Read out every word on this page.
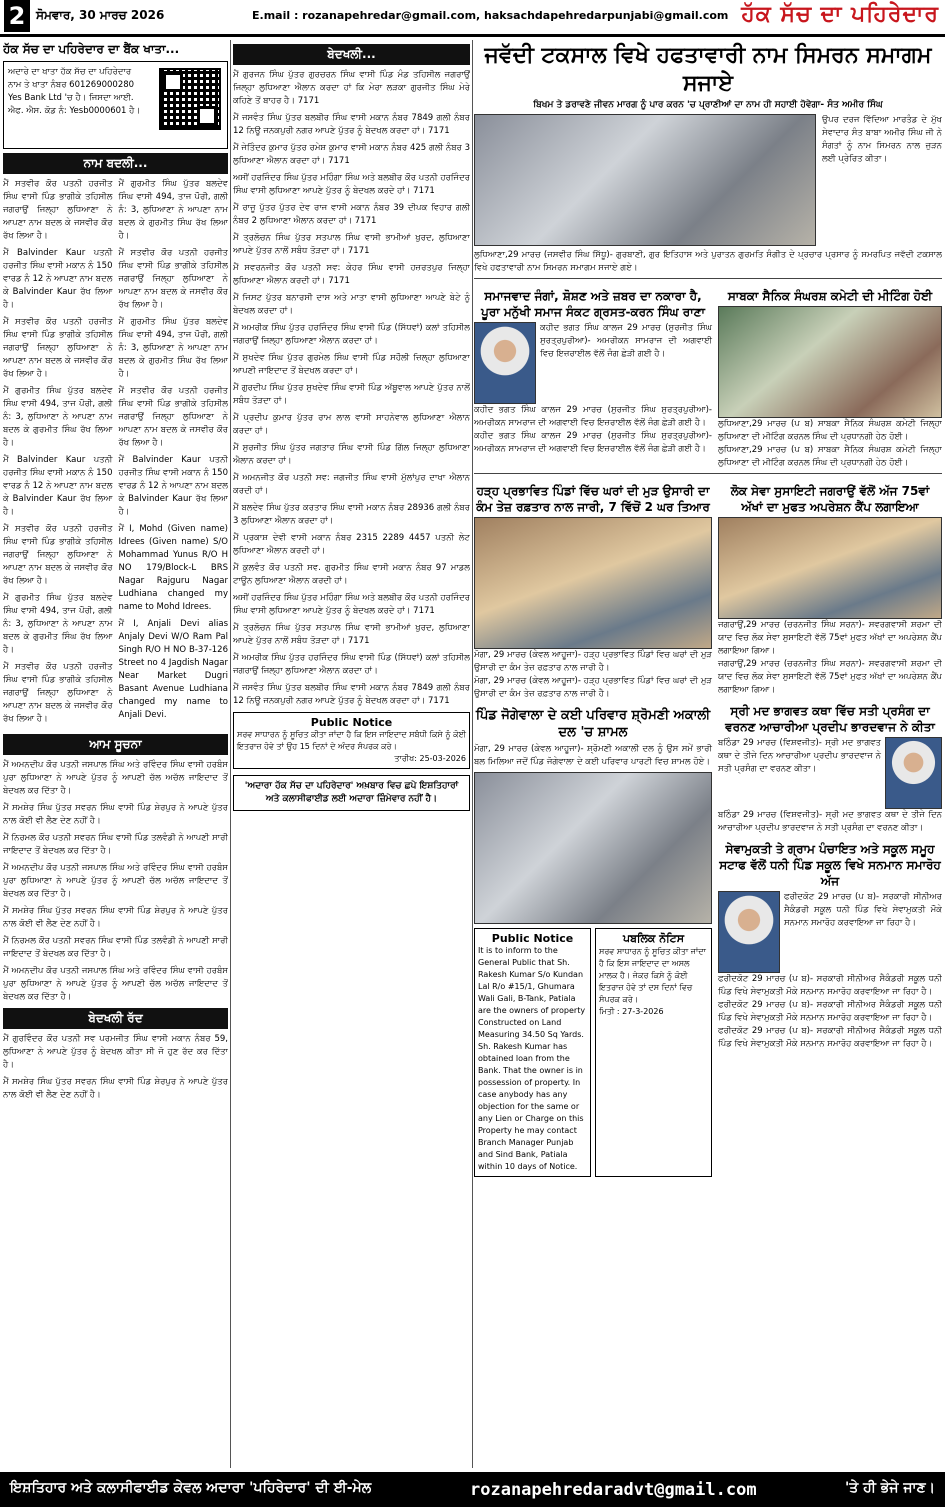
2 ਸੋਮਵਾਰ, 30 ਮਾਰਚ 2026	E.mail : rozanapehredar@gmail.com, haksachdapehredarpunjabi@gmail.com ਹੱਕ ਸੱਚ ਦਾ ਪਹਿਰੇਦਾਰ
ਹੱਕ ਸੱਚ ਦਾ ਪਹਿਰੇਦਾਰ ਦਾ ਬੈਂਕ ਖਾਤਾ...

ਅਦਾਰੇ ਦਾ ਖਾਤਾ ਹੱਕ ਸੱਚ ਦਾ ਪਹਿਰੇਦਾਰ

ਨਾਮ ਤੇ ਖਾਤਾ ਨੰਬਰ 601269000280

Yes Bank Ltd 'ਚ ਹੈ। ਜਿਸਦਾ ਆਈ.

ਐਫ. ਐਸ. ਕੋਡ ਨੰ: Yesb0000601 ਹੈ।

ਨਾਮ ਬਦਲੀ...

ਮੈਂ ਸਤਵੀਰ ਕੌਰ ਪਤਨੀ ਹਰਜੀਤ ਸਿੰਘ ਵਾਸੀ ਪਿੰਡ ਭਾਗੀਕੇ ਤਹਿਸੀਲ ਜਗਰਾਉਂ ਜਿਲ੍ਹਾ ਲੁਧਿਆਣਾ ਨੇ ਆਪਣਾ ਨਾਮ ਬਦਲ ਕੇ ਜਸਵੀਰ ਕੌਰ ਰੱਖ ਲਿਆ ਹੈ।

ਮੈਂ Balvinder Kaur ਪਤਨੀ ਹਰਜੀਤ ਸਿੰਘ ਵਾਸੀ ਮਕਾਨ ਨੰ 150 ਵਾਰਡ ਨੰ 12 ਨੇ ਆਪਣਾ ਨਾਮ ਬਦਲ ਕੇ Balvinder Kaur ਰੱਖ ਲਿਆ ਹੈ।

ਮੈਂ ਸਤਵੀਰ ਕੌਰ ਪਤਨੀ ਹਰਜੀਤ ਸਿੰਘ ਵਾਸੀ ਪਿੰਡ ਭਾਗੀਕੇ ਤਹਿਸੀਲ ਜਗਰਾਉਂ ਜਿਲ੍ਹਾ ਲੁਧਿਆਣਾ ਨੇ ਆਪਣਾ ਨਾਮ ਬਦਲ ਕੇ ਜਸਵੀਰ ਕੌਰ ਰੱਖ ਲਿਆ ਹੈ।

ਮੈਂ ਗੁਰਮੀਤ ਸਿੰਘ ਪੁੱਤਰ ਬਲਦੇਵ ਸਿੰਘ ਵਾਸੀ 494, ਤਾਜ ਪੌਰੀ, ਗਲੀ ਨੰ: 3, ਲੁਧਿਆਣਾ ਨੇ ਆਪਣਾ ਨਾਮ ਬਦਲ ਕੇ ਗੁਰਮੀਤ ਸਿੰਘ ਰੱਖ ਲਿਆ ਹੈ।

ਮੈਂ Balvinder Kaur ਪਤਨੀ ਹਰਜੀਤ ਸਿੰਘ ਵਾਸੀ ਮਕਾਨ ਨੰ 150 ਵਾਰਡ ਨੰ 12 ਨੇ ਆਪਣਾ ਨਾਮ ਬਦਲ ਕੇ Balvinder Kaur ਰੱਖ ਲਿਆ ਹੈ।

ਮੈਂ ਸਤਵੀਰ ਕੌਰ ਪਤਨੀ ਹਰਜੀਤ ਸਿੰਘ ਵਾਸੀ ਪਿੰਡ ਭਾਗੀਕੇ ਤਹਿਸੀਲ ਜਗਰਾਉਂ ਜਿਲ੍ਹਾ ਲੁਧਿਆਣਾ ਨੇ ਆਪਣਾ ਨਾਮ ਬਦਲ ਕੇ ਜਸਵੀਰ ਕੌਰ ਰੱਖ ਲਿਆ ਹੈ।

ਮੈਂ ਗੁਰਮੀਤ ਸਿੰਘ ਪੁੱਤਰ ਬਲਦੇਵ ਸਿੰਘ ਵਾਸੀ 494, ਤਾਜ ਪੌਰੀ, ਗਲੀ ਨੰ: 3, ਲੁਧਿਆਣਾ ਨੇ ਆਪਣਾ ਨਾਮ ਬਦਲ ਕੇ ਗੁਰਮੀਤ ਸਿੰਘ ਰੱਖ ਲਿਆ ਹੈ।

ਮੈਂ ਸਤਵੀਰ ਕੌਰ ਪਤਨੀ ਹਰਜੀਤ ਸਿੰਘ ਵਾਸੀ ਪਿੰਡ ਭਾਗੀਕੇ ਤਹਿਸੀਲ ਜਗਰਾਉਂ ਜਿਲ੍ਹਾ ਲੁਧਿਆਣਾ ਨੇ ਆਪਣਾ ਨਾਮ ਬਦਲ ਕੇ ਜਸਵੀਰ ਕੌਰ ਰੱਖ ਲਿਆ ਹੈ।

ਮੈਂ ਗੁਰਮੀਤ ਸਿੰਘ ਪੁੱਤਰ ਬਲਦੇਵ ਸਿੰਘ ਵਾਸੀ 494, ਤਾਜ ਪੌਰੀ, ਗਲੀ ਨੰ: 3, ਲੁਧਿਆਣਾ ਨੇ ਆਪਣਾ ਨਾਮ ਬਦਲ ਕੇ ਗੁਰਮੀਤ ਸਿੰਘ ਰੱਖ ਲਿਆ ਹੈ।

ਮੈਂ ਸਤਵੀਰ ਕੌਰ ਪਤਨੀ ਹਰਜੀਤ ਸਿੰਘ ਵਾਸੀ ਪਿੰਡ ਭਾਗੀਕੇ ਤਹਿਸੀਲ ਜਗਰਾਉਂ ਜਿਲ੍ਹਾ ਲੁਧਿਆਣਾ ਨੇ ਆਪਣਾ ਨਾਮ ਬਦਲ ਕੇ ਜਸਵੀਰ ਕੌਰ ਰੱਖ ਲਿਆ ਹੈ।

ਮੈਂ ਗੁਰਮੀਤ ਸਿੰਘ ਪੁੱਤਰ ਬਲਦੇਵ ਸਿੰਘ ਵਾਸੀ 494, ਤਾਜ ਪੌਰੀ, ਗਲੀ ਨੰ: 3, ਲੁਧਿਆਣਾ ਨੇ ਆਪਣਾ ਨਾਮ ਬਦਲ ਕੇ ਗੁਰਮੀਤ ਸਿੰਘ ਰੱਖ ਲਿਆ ਹੈ।

ਮੈਂ ਸਤਵੀਰ ਕੌਰ ਪਤਨੀ ਹਰਜੀਤ ਸਿੰਘ ਵਾਸੀ ਪਿੰਡ ਭਾਗੀਕੇ ਤਹਿਸੀਲ ਜਗਰਾਉਂ ਜਿਲ੍ਹਾ ਲੁਧਿਆਣਾ ਨੇ ਆਪਣਾ ਨਾਮ ਬਦਲ ਕੇ ਜਸਵੀਰ ਕੌਰ ਰੱਖ ਲਿਆ ਹੈ।

ਮੈਂ Balvinder Kaur ਪਤਨੀ ਹਰਜੀਤ ਸਿੰਘ ਵਾਸੀ ਮਕਾਨ ਨੰ 150 ਵਾਰਡ ਨੰ 12 ਨੇ ਆਪਣਾ ਨਾਮ ਬਦਲ ਕੇ Balvinder Kaur ਰੱਖ ਲਿਆ ਹੈ।

ਮੈਂ I, Mohd (Given name) Idrees (Given name) S/O Mohammad Yunus R/O H NO 179/Block-L BRS Nagar Rajguru Nagar Ludhiana changed my name to Mohd Idrees.

ਮੈਂ I, Anjali Devi alias Anjaly Devi W/O Ram Pal Singh R/O H NO B-37-126 Street no 4 Jagdish Nagar Near Market Dugri Basant Avenue Ludhiana changed my name to Anjali Devi.

ਆਮ ਸੂਚਨਾ

ਮੈਂ ਅਮਨਦੀਪ ਕੌਰ ਪਤਨੀ ਜਸਪਾਲ ਸਿੰਘ ਅਤੇ ਰਵਿੰਦਰ ਸਿੰਘ ਵਾਸੀ ਹਰਬੰਸ ਪੁਰਾ ਲੁਧਿਆਣਾ ਨੇ ਆਪਣੇ ਪੁੱਤਰ ਨੂੰ ਆਪਣੀ ਚੱਲ ਅਚੱਲ ਜਾਇਦਾਦ ਤੋਂ ਬੇਦਖਲ ਕਰ ਦਿੱਤਾ ਹੈ।

ਮੈਂ ਸਮਸ਼ੇਰ ਸਿੰਘ ਪੁੱਤਰ ਸਵਰਨ ਸਿੰਘ ਵਾਸੀ ਪਿੰਡ ਸ਼ੇਰਪੁਰ ਨੇ ਆਪਣੇ ਪੁੱਤਰ ਨਾਲ ਕੋਈ ਵੀ ਲੈਣ ਦੇਣ ਨਹੀਂ ਹੈ।

ਮੈਂ ਨਿਰਮਲ ਕੌਰ ਪਤਨੀ ਸਵਰਨ ਸਿੰਘ ਵਾਸੀ ਪਿੰਡ ਤਲਵੰਡੀ ਨੇ ਆਪਣੀ ਸਾਰੀ ਜਾਇਦਾਦ ਤੋਂ ਬੇਦਖਲ ਕਰ ਦਿੱਤਾ ਹੈ।

ਮੈਂ ਅਮਨਦੀਪ ਕੌਰ ਪਤਨੀ ਜਸਪਾਲ ਸਿੰਘ ਅਤੇ ਰਵਿੰਦਰ ਸਿੰਘ ਵਾਸੀ ਹਰਬੰਸ ਪੁਰਾ ਲੁਧਿਆਣਾ ਨੇ ਆਪਣੇ ਪੁੱਤਰ ਨੂੰ ਆਪਣੀ ਚੱਲ ਅਚੱਲ ਜਾਇਦਾਦ ਤੋਂ ਬੇਦਖਲ ਕਰ ਦਿੱਤਾ ਹੈ।

ਮੈਂ ਸਮਸ਼ੇਰ ਸਿੰਘ ਪੁੱਤਰ ਸਵਰਨ ਸਿੰਘ ਵਾਸੀ ਪਿੰਡ ਸ਼ੇਰਪੁਰ ਨੇ ਆਪਣੇ ਪੁੱਤਰ ਨਾਲ ਕੋਈ ਵੀ ਲੈਣ ਦੇਣ ਨਹੀਂ ਹੈ।

ਮੈਂ ਨਿਰਮਲ ਕੌਰ ਪਤਨੀ ਸਵਰਨ ਸਿੰਘ ਵਾਸੀ ਪਿੰਡ ਤਲਵੰਡੀ ਨੇ ਆਪਣੀ ਸਾਰੀ ਜਾਇਦਾਦ ਤੋਂ ਬੇਦਖਲ ਕਰ ਦਿੱਤਾ ਹੈ।

ਮੈਂ ਅਮਨਦੀਪ ਕੌਰ ਪਤਨੀ ਜਸਪਾਲ ਸਿੰਘ ਅਤੇ ਰਵਿੰਦਰ ਸਿੰਘ ਵਾਸੀ ਹਰਬੰਸ ਪੁਰਾ ਲੁਧਿਆਣਾ ਨੇ ਆਪਣੇ ਪੁੱਤਰ ਨੂੰ ਆਪਣੀ ਚੱਲ ਅਚੱਲ ਜਾਇਦਾਦ ਤੋਂ ਬੇਦਖਲ ਕਰ ਦਿੱਤਾ ਹੈ।

ਬੇਦਖਲੀ ਰੱਦ

ਮੈਂ ਗੁਰਵਿੰਦਰ ਕੌਰ ਪਤਨੀ ਸਵ ਪਰਮਜੀਤ ਸਿੰਘ ਵਾਸੀ ਮਕਾਨ ਨੰਬਰ 59, ਲੁਧਿਆਣਾ ਨੇ ਆਪਣੇ ਪੁੱਤਰ ਨੂੰ ਬੇਦਖਲ ਕੀਤਾ ਸੀ ਜੋ ਹੁਣ ਰੱਦ ਕਰ ਦਿੱਤਾ ਹੈ।

ਮੈਂ ਸਮਸ਼ੇਰ ਸਿੰਘ ਪੁੱਤਰ ਸਵਰਨ ਸਿੰਘ ਵਾਸੀ ਪਿੰਡ ਸ਼ੇਰਪੁਰ ਨੇ ਆਪਣੇ ਪੁੱਤਰ ਨਾਲ ਕੋਈ ਵੀ ਲੈਣ ਦੇਣ ਨਹੀਂ ਹੈ।

ਬੇਦਖਲੀ...

ਮੈਂ ਗੁਰਜਨ ਸਿੰਘ ਪੁੱਤਰ ਗੁਰਚਰਨ ਸਿੰਘ ਵਾਸੀ ਪਿੰਡ ਮੰਡ ਤਹਿਸੀਲ ਜਗਰਾਉਂ ਜਿਲ੍ਹਾ ਲੁਧਿਆਣਾ ਐਲਾਨ ਕਰਦਾ ਹਾਂ ਕਿ ਮੇਰਾ ਲੜਕਾ ਗੁਰਜੀਤ ਸਿੰਘ ਮੇਰੇ ਕਹਿਣੇ ਤੋਂ ਬਾਹਰ ਹੈ। 7171

ਮੈਂ ਜਸਵੰਤ ਸਿੰਘ ਪੁੱਤਰ ਬਲਬੀਰ ਸਿੰਘ ਵਾਸੀ ਮਕਾਨ ਨੰਬਰ 7849 ਗਲੀ ਨੰਬਰ 12 ਨਿਊ ਜਨਕਪੁਰੀ ਨਗਰ ਆਪਣੇ ਪੁੱਤਰ ਨੂੰ ਬੇਦਖਲ ਕਰਦਾ ਹਾਂ। 7171

ਮੈਂ ਜੇਤਿੰਦਰ ਕੁਮਾਰ ਪੁੱਤਰ ਰਮੇਸ਼ ਕੁਮਾਰ ਵਾਸੀ ਮਕਾਨ ਨੰਬਰ 425 ਗਲੀ ਨੰਬਰ 3 ਲੁਧਿਆਣਾ ਐਲਾਨ ਕਰਦਾ ਹਾਂ। 7171

ਅਸੀਂ ਹਰਜਿੰਦਰ ਸਿੰਘ ਪੁੱਤਰ ਮਹਿੰਗਾ ਸਿੰਘ ਅਤੇ ਬਲਬੀਰ ਕੌਰ ਪਤਨੀ ਹਰਜਿੰਦਰ ਸਿੰਘ ਵਾਸੀ ਲੁਧਿਆਣਾ ਆਪਣੇ ਪੁੱਤਰ ਨੂੰ ਬੇਦਖਲ ਕਰਦੇ ਹਾਂ। 7171

ਮੈਂ ਰਾਜੂ ਪੁੱਤਰ ਪੁੱਤਰ ਦੇਵ ਰਾਜ ਵਾਸੀ ਮਕਾਨ ਨੰਬਰ 39 ਦੀਪਕ ਵਿਹਾਰ ਗਲੀ ਨੰਬਰ 2 ਲੁਧਿਆਣਾ ਐਲਾਨ ਕਰਦਾ ਹਾਂ। 7171

ਮੈਂ ਤ੍ਰਲੋਚਨ ਸਿੰਘ ਪੁੱਤਰ ਸਤਪਾਲ ਸਿੰਘ ਵਾਸੀ ਭਾਮੀਆਂ ਖੁਰਦ, ਲੁਧਿਆਣਾ ਆਪਣੇ ਪੁੱਤਰ ਨਾਲੋਂ ਸਬੰਧ ਤੋੜਦਾ ਹਾਂ। 7171

ਮੈਂ ਸਵਰਨਜੀਤ ਕੌਰ ਪਤਨੀ ਸਵ: ਕੇਹਰ ਸਿੰਘ ਵਾਸੀ ਹਜ਼ਰਤਪੁਰ ਜਿਲ੍ਹਾ ਲੁਧਿਆਣਾ ਐਲਾਨ ਕਰਦੀ ਹਾਂ। 7171

ਮੈਂ ਜਿਸਟ ਪੁੱਤਰ ਬਨਾਰਸੀ ਦਾਸ ਅਤੇ ਮਾਤਾ ਵਾਸੀ ਲੁਧਿਆਣਾ ਆਪਣੇ ਬੇਟੇ ਨੂੰ ਬੇਦਖਲ ਕਰਦਾ ਹਾਂ।

ਮੈਂ ਅਮਰੀਕ ਸਿੰਘ ਪੁੱਤਰ ਹਰਜਿੰਦਰ ਸਿੰਘ ਵਾਸੀ ਪਿੰਡ (ਸਿੱਧਵਾਂ) ਕਲਾਂ ਤਹਿਸੀਲ ਜਗਰਾਉਂ ਜਿਲ੍ਹਾ ਲੁਧਿਆਣਾ ਐਲਾਨ ਕਰਦਾ ਹਾਂ।

ਮੈਂ ਸੁਖਦੇਵ ਸਿੰਘ ਪੁੱਤਰ ਗੁਰਮੇਲ ਸਿੰਘ ਵਾਸੀ ਪਿੰਡ ਸਹੌਲੀ ਜ਼ਿਲ੍ਹਾ ਲੁਧਿਆਣਾ ਆਪਣੀ ਜਾਇਦਾਦ ਤੋਂ ਬੇਦਖਲ ਕਰਦਾ ਹਾਂ।

ਮੈਂ ਗੁਰਦੀਪ ਸਿੰਘ ਪੁੱਤਰ ਸੁਖਦੇਵ ਸਿੰਘ ਵਾਸੀ ਪਿੰਡ ਅੱਬੂਵਾਲ ਆਪਣੇ ਪੁੱਤਰ ਨਾਲੋਂ ਸਬੰਧ ਤੋੜਦਾ ਹਾਂ।

ਮੈਂ ਪ੍ਰਦੀਪ ਕੁਮਾਰ ਪੁੱਤਰ ਰਾਮ ਲਾਲ ਵਾਸੀ ਸਾਹਨੇਵਾਲ ਲੁਧਿਆਣਾ ਐਲਾਨ ਕਰਦਾ ਹਾਂ।

ਮੈਂ ਸੁਰਜੀਤ ਸਿੰਘ ਪੁੱਤਰ ਜਗਤਾਰ ਸਿੰਘ ਵਾਸੀ ਪਿੰਡ ਗਿੱਲ ਜਿਲ੍ਹਾ ਲੁਧਿਆਣਾ ਐਲਾਨ ਕਰਦਾ ਹਾਂ।

ਮੈਂ ਅਮਨਜੀਤ ਕੌਰ ਪਤਨੀ ਸਵ: ਜਗਜੀਤ ਸਿੰਘ ਵਾਸੀ ਮੁੱਲਾਂਪੁਰ ਦਾਖਾ ਐਲਾਨ ਕਰਦੀ ਹਾਂ।

ਮੈਂ ਬਲਦੇਵ ਸਿੰਘ ਪੁੱਤਰ ਕਰਤਾਰ ਸਿੰਘ ਵਾਸੀ ਮਕਾਨ ਨੰਬਰ 28936 ਗਲੀ ਨੰਬਰ 3 ਲੁਧਿਆਣਾ ਐਲਾਨ ਕਰਦਾ ਹਾਂ।

ਮੈਂ ਪ੍ਰਕਾਸ਼ ਦੇਵੀ ਵਾਸੀ ਮਕਾਨ ਨੰਬਰ 2315 2289 4457 ਪਤਨੀ ਲੇਟ ਲੁਧਿਆਣਾ ਐਲਾਨ ਕਰਦੀ ਹਾਂ।

ਮੈਂ ਕੁਲਵੰਤ ਕੌਰ ਪਤਨੀ ਸਵ. ਗੁਰਮੀਤ ਸਿੰਘ ਵਾਸੀ ਮਕਾਨ ਨੰਬਰ 97 ਮਾਡਲ ਟਾਊਨ ਲੁਧਿਆਣਾ ਐਲਾਨ ਕਰਦੀ ਹਾਂ।

ਅਸੀਂ ਹਰਜਿੰਦਰ ਸਿੰਘ ਪੁੱਤਰ ਮਹਿੰਗਾ ਸਿੰਘ ਅਤੇ ਬਲਬੀਰ ਕੌਰ ਪਤਨੀ ਹਰਜਿੰਦਰ ਸਿੰਘ ਵਾਸੀ ਲੁਧਿਆਣਾ ਆਪਣੇ ਪੁੱਤਰ ਨੂੰ ਬੇਦਖਲ ਕਰਦੇ ਹਾਂ। 7171

ਮੈਂ ਤ੍ਰਲੋਚਨ ਸਿੰਘ ਪੁੱਤਰ ਸਤਪਾਲ ਸਿੰਘ ਵਾਸੀ ਭਾਮੀਆਂ ਖੁਰਦ, ਲੁਧਿਆਣਾ ਆਪਣੇ ਪੁੱਤਰ ਨਾਲੋਂ ਸਬੰਧ ਤੋੜਦਾ ਹਾਂ। 7171

ਮੈਂ ਅਮਰੀਕ ਸਿੰਘ ਪੁੱਤਰ ਹਰਜਿੰਦਰ ਸਿੰਘ ਵਾਸੀ ਪਿੰਡ (ਸਿੱਧਵਾਂ) ਕਲਾਂ ਤਹਿਸੀਲ ਜਗਰਾਉਂ ਜਿਲ੍ਹਾ ਲੁਧਿਆਣਾ ਐਲਾਨ ਕਰਦਾ ਹਾਂ।

ਮੈਂ ਜਸਵੰਤ ਸਿੰਘ ਪੁੱਤਰ ਬਲਬੀਰ ਸਿੰਘ ਵਾਸੀ ਮਕਾਨ ਨੰਬਰ 7849 ਗਲੀ ਨੰਬਰ 12 ਨਿਊ ਜਨਕਪੁਰੀ ਨਗਰ ਆਪਣੇ ਪੁੱਤਰ ਨੂੰ ਬੇਦਖਲ ਕਰਦਾ ਹਾਂ। 7171

Public Notice
ਸਰਵ ਸਾਧਾਰਨ ਨੂੰ ਸੂਚਿਤ ਕੀਤਾ ਜਾਂਦਾ ਹੈ ਕਿ ਇਸ ਜਾਇਦਾਦ ਸਬੰਧੀ ਕਿਸੇ ਨੂੰ ਕੋਈ ਇਤਰਾਜ਼ ਹੋਵੇ ਤਾਂ ਉਹ 15 ਦਿਨਾਂ ਦੇ ਅੰਦਰ ਸੰਪਰਕ ਕਰੇ।
ਤਾਰੀਖ: 25-03-2026
'ਅਦਾਰਾ ਹੱਕ ਸੱਚ ਦਾ ਪਹਿਰੇਦਾਰ' ਅਖ਼ਬਾਰ ਵਿਚ ਛਪੇ ਇਸ਼ਤਿਹਾਰਾਂ ਅਤੇ ਕਲਾਸੀਫਾਈਡ ਲਈ ਅਦਾਰਾ ਜ਼ਿੰਮੇਵਾਰ ਨਹੀਂ ਹੈ।
ਜਵੱਦੀ ਟਕਸਾਲ ਵਿਖੇ ਹਫਤਾਵਾਰੀ ਨਾਮ ਸਿਮਰਨ ਸਮਾਗਮ ਸਜਾਏ
ਬਿਖਮ ਤੇ ਡਰਾਵਣੇ ਜੀਵਨ ਮਾਰਗ ਨੂੰ ਪਾਰ ਕਰਨ 'ਚ ਪ੍ਰਾਣੀਆਂ ਦਾ ਨਾਮ ਹੀ ਸਹਾਈ ਹੋਵੇਗਾ- ਸੰਤ ਅਮੀਰ ਸਿੰਘ
ਉਪਰ ਦਰਜ ਵਿੱਦਿਆ ਮਾਰਤੰਡ ਦੇ ਮੁੱਖ ਸੇਵਾਦਾਰ ਸੰਤ ਬਾਬਾ ਅਮੀਰ ਸਿੰਘ ਜੀ ਨੇ ਸੰਗਤਾਂ ਨੂੰ ਨਾਮ ਸਿਮਰਨ ਨਾਲ ਜੁੜਨ ਲਈ ਪ੍ਰੇਰਿਤ ਕੀਤਾ।
ਲੁਧਿਆਣਾ,29 ਮਾਰਚ (ਜਸਵੀਰ ਸਿੰਘ ਸਿੱਧੂ)- ਗੁਰਬਾਣੀ, ਗੁਰ ਇਤਿਹਾਸ ਅਤੇ ਪੁਰਾਤਨ ਗੁਰਮਤਿ ਸੰਗੀਤ ਦੇ ਪ੍ਰਚਾਰ ਪ੍ਰਸਾਰ ਨੂੰ ਸਮਰਪਿਤ ਜਵੱਦੀ ਟਕਸਾਲ ਵਿਖੇ ਹਫਤਾਵਾਰੀ ਨਾਮ ਸਿਮਰਨ ਸਮਾਗਮ ਸਜਾਏ ਗਏ।
ਸਮਾਜਵਾਦ ਜੰਗਾਂ, ਸ਼ੋਸ਼ਣ ਅਤੇ ਜ਼ਬਰ ਦਾ ਨਕਾਰਾ ਹੈ, ਪੂਰਾ ਮਨੁੱਖੀ ਸਮਾਜ ਸੰਕਟ ਗ੍ਰਸਤ-ਕਰਨ ਸਿੰਘ ਰਾਣਾ
ਕਹੀਦ ਭਗਤ ਸਿੰਘ ਕਾਲਜ 29 ਮਾਰਚ (ਸੁਰਜੀਤ ਸਿੰਘ ਸੁਰਤ੍ਰਪੁਰੀਆ)- ਅਮਰੀਕਨ ਸਾਮਰਾਜ ਦੀ ਅਗਵਾਈ ਵਿਚ ਇਜ਼ਰਾਈਲ ਵੱਲੋਂ ਜੰਗ ਛੇੜੀ ਗਈ ਹੈ।
ਕਹੀਦ ਭਗਤ ਸਿੰਘ ਕਾਲਜ 29 ਮਾਰਚ (ਸੁਰਜੀਤ ਸਿੰਘ ਸੁਰਤ੍ਰਪੁਰੀਆ)- ਅਮਰੀਕਨ ਸਾਮਰਾਜ ਦੀ ਅਗਵਾਈ ਵਿਚ ਇਜ਼ਰਾਈਲ ਵੱਲੋਂ ਜੰਗ ਛੇੜੀ ਗਈ ਹੈ।
ਕਹੀਦ ਭਗਤ ਸਿੰਘ ਕਾਲਜ 29 ਮਾਰਚ (ਸੁਰਜੀਤ ਸਿੰਘ ਸੁਰਤ੍ਰਪੁਰੀਆ)- ਅਮਰੀਕਨ ਸਾਮਰਾਜ ਦੀ ਅਗਵਾਈ ਵਿਚ ਇਜ਼ਰਾਈਲ ਵੱਲੋਂ ਜੰਗ ਛੇੜੀ ਗਈ ਹੈ।
ਸਾਬਕਾ ਸੈਨਿਕ ਸੰਘਰਸ਼ ਕਮੇਟੀ ਦੀ ਮੀਟਿੰਗ ਹੋਈ
ਲੁਧਿਆਣਾ,29 ਮਾਰਚ (ਪ ਬ) ਸਾਬਕਾ ਸੈਨਿਕ ਸੰਘਰਸ਼ ਕਮੇਟੀ ਜਿਲ੍ਹਾ ਲੁਧਿਆਣਾ ਦੀ ਮੀਟਿੰਗ ਕਰਨਲ ਸਿੰਘ ਦੀ ਪ੍ਰਧਾਨਗੀ ਹੇਠ ਹੋਈ।
ਲੁਧਿਆਣਾ,29 ਮਾਰਚ (ਪ ਬ) ਸਾਬਕਾ ਸੈਨਿਕ ਸੰਘਰਸ਼ ਕਮੇਟੀ ਜਿਲ੍ਹਾ ਲੁਧਿਆਣਾ ਦੀ ਮੀਟਿੰਗ ਕਰਨਲ ਸਿੰਘ ਦੀ ਪ੍ਰਧਾਨਗੀ ਹੇਠ ਹੋਈ।
ਹੜ੍ਹ ਪ੍ਰਭਾਵਿਤ ਪਿੰਡਾਂ ਵਿੱਚ ਘਰਾਂ ਦੀ ਮੁੜ ਉਸਾਰੀ ਦਾ ਕੰਮ ਤੇਜ਼ ਰਫ਼ਤਾਰ ਨਾਲ ਜਾਰੀ, 7 ਵਿੱਚੋਂ 2 ਘਰ ਤਿਆਰ
ਮੋਗਾ, 29 ਮਾਰਚ (ਕੇਵਲ ਆਹੂਜਾ)- ਹੜ੍ਹ ਪ੍ਰਭਾਵਿਤ ਪਿੰਡਾਂ ਵਿਚ ਘਰਾਂ ਦੀ ਮੁੜ ਉਸਾਰੀ ਦਾ ਕੰਮ ਤੇਜ਼ ਰਫ਼ਤਾਰ ਨਾਲ ਜਾਰੀ ਹੈ।
ਮੋਗਾ, 29 ਮਾਰਚ (ਕੇਵਲ ਆਹੂਜਾ)- ਹੜ੍ਹ ਪ੍ਰਭਾਵਿਤ ਪਿੰਡਾਂ ਵਿਚ ਘਰਾਂ ਦੀ ਮੁੜ ਉਸਾਰੀ ਦਾ ਕੰਮ ਤੇਜ਼ ਰਫ਼ਤਾਰ ਨਾਲ ਜਾਰੀ ਹੈ।
ਪਿੰਡ ਜੋਗੇਵਾਲਾ ਦੇ ਕਈ ਪਰਿਵਾਰ ਸ਼੍ਰੋਮਣੀ ਅਕਾਲੀ ਦਲ 'ਚ ਸ਼ਾਮਲ
ਮੋਗਾ, 29 ਮਾਰਚ (ਕੇਵਲ ਆਹੂਜਾ)- ਸ਼੍ਰੋਮਣੀ ਅਕਾਲੀ ਦਲ ਨੂੰ ਉਸ ਸਮੇਂ ਭਾਰੀ ਬਲ ਮਿਲਿਆ ਜਦੋਂ ਪਿੰਡ ਜੋਗੇਵਾਲਾ ਦੇ ਕਈ ਪਰਿਵਾਰ ਪਾਰਟੀ ਵਿਚ ਸ਼ਾਮਲ ਹੋਏ।
Public Notice
It is to inform to the General Public that Sh. Rakesh Kumar S/o Kundan Lal R/o #15/1, Ghumara Wali Gali, B-Tank, Patiala are the owners of property Constructed on Land Measuring 34.50 Sq Yards. Sh. Rakesh Kumar has obtained loan from the Bank. That the owner is in possession of property. In case anybody has any objection for the same or any Lien or Charge on this Property he may contact Branch Manager Punjab and Sind Bank, Patiala within 10 days of Notice.
ਪਬਲਿਕ ਨੋਟਿਸ
ਸਰਵ ਸਾਧਾਰਨ ਨੂੰ ਸੂਚਿਤ ਕੀਤਾ ਜਾਂਦਾ ਹੈ ਕਿ ਇਸ ਜਾਇਦਾਦ ਦਾ ਅਸਲ ਮਾਲਕ ਹੈ। ਜੇਕਰ ਕਿਸੇ ਨੂੰ ਕੋਈ ਇਤਰਾਜ਼ ਹੋਵੇ ਤਾਂ ਦਸ ਦਿਨਾਂ ਵਿਚ ਸੰਪਰਕ ਕਰੇ।
ਮਿਤੀ : 27-3-2026
ਲੋਕ ਸੇਵਾ ਸੁਸਾਇਟੀ ਜਗਰਾਉਂ ਵੱਲੋਂ ਅੱਜ 75ਵਾਂ ਅੱਖਾਂ ਦਾ ਮੁਫਤ ਅਪਰੇਸ਼ਨ ਕੈਂਪ ਲਗਾਇਆ
ਜਗਰਾਉਂ,29 ਮਾਰਚ (ਚਰਨਜੀਤ ਸਿੰਘ ਸਰਨਾ)- ਸਵਰਗਵਾਸੀ ਸ਼ਰਮਾ ਦੀ ਯਾਦ ਵਿਚ ਲੋਕ ਸੇਵਾ ਸੁਸਾਇਟੀ ਵੱਲੋਂ 75ਵਾਂ ਮੁਫਤ ਅੱਖਾਂ ਦਾ ਅਪਰੇਸ਼ਨ ਕੈਂਪ ਲਗਾਇਆ ਗਿਆ।
ਜਗਰਾਉਂ,29 ਮਾਰਚ (ਚਰਨਜੀਤ ਸਿੰਘ ਸਰਨਾ)- ਸਵਰਗਵਾਸੀ ਸ਼ਰਮਾ ਦੀ ਯਾਦ ਵਿਚ ਲੋਕ ਸੇਵਾ ਸੁਸਾਇਟੀ ਵੱਲੋਂ 75ਵਾਂ ਮੁਫਤ ਅੱਖਾਂ ਦਾ ਅਪਰੇਸ਼ਨ ਕੈਂਪ ਲਗਾਇਆ ਗਿਆ।
ਸ੍ਰੀ ਮਦ ਭਾਗਵਤ ਕਥਾ ਵਿੱਚ ਸਤੀ ਪ੍ਰਸੰਗ ਦਾ ਵਰਨਣ ਆਚਾਰੀਆ ਪ੍ਰਦੀਪ ਭਾਰਦਵਾਜ ਨੇ ਕੀਤਾ
ਬਠਿੰਡਾ 29 ਮਾਰਚ (ਵਿਸ਼ਵਜੀਤ)- ਸ੍ਰੀ ਮਦ ਭਾਗਵਤ ਕਥਾ ਦੇ ਤੀਜੇ ਦਿਨ ਆਚਾਰੀਆ ਪ੍ਰਦੀਪ ਭਾਰਦਵਾਜ ਨੇ ਸਤੀ ਪ੍ਰਸੰਗ ਦਾ ਵਰਨਣ ਕੀਤਾ।
ਬਠਿੰਡਾ 29 ਮਾਰਚ (ਵਿਸ਼ਵਜੀਤ)- ਸ੍ਰੀ ਮਦ ਭਾਗਵਤ ਕਥਾ ਦੇ ਤੀਜੇ ਦਿਨ ਆਚਾਰੀਆ ਪ੍ਰਦੀਪ ਭਾਰਦਵਾਜ ਨੇ ਸਤੀ ਪ੍ਰਸੰਗ ਦਾ ਵਰਨਣ ਕੀਤਾ।
ਸੇਵਾਮੁਕਤੀ ਤੇ ਗ੍ਰਾਮ ਪੰਚਾਇਤ ਅਤੇ ਸਕੂਲ ਸਮੂਹ ਸਟਾਫ ਵੱਲੋਂ ਧਨੀ ਪਿੰਡ ਸਕੂਲ ਵਿਖੇ ਸਨਮਾਨ ਸਮਾਰੋਹ ਅੱਜ
ਫਰੀਦਕੋਟ 29 ਮਾਰਚ (ਪ ਬ)- ਸਰਕਾਰੀ ਸੀਨੀਅਰ ਸੈਕੰਡਰੀ ਸਕੂਲ ਧਨੀ ਪਿੰਡ ਵਿਖੇ ਸੇਵਾਮੁਕਤੀ ਮੌਕੇ ਸਨਮਾਨ ਸਮਾਰੋਹ ਕਰਵਾਇਆ ਜਾ ਰਿਹਾ ਹੈ।
ਫਰੀਦਕੋਟ 29 ਮਾਰਚ (ਪ ਬ)- ਸਰਕਾਰੀ ਸੀਨੀਅਰ ਸੈਕੰਡਰੀ ਸਕੂਲ ਧਨੀ ਪਿੰਡ ਵਿਖੇ ਸੇਵਾਮੁਕਤੀ ਮੌਕੇ ਸਨਮਾਨ ਸਮਾਰੋਹ ਕਰਵਾਇਆ ਜਾ ਰਿਹਾ ਹੈ।
ਫਰੀਦਕੋਟ 29 ਮਾਰਚ (ਪ ਬ)- ਸਰਕਾਰੀ ਸੀਨੀਅਰ ਸੈਕੰਡਰੀ ਸਕੂਲ ਧਨੀ ਪਿੰਡ ਵਿਖੇ ਸੇਵਾਮੁਕਤੀ ਮੌਕੇ ਸਨਮਾਨ ਸਮਾਰੋਹ ਕਰਵਾਇਆ ਜਾ ਰਿਹਾ ਹੈ।
ਫਰੀਦਕੋਟ 29 ਮਾਰਚ (ਪ ਬ)- ਸਰਕਾਰੀ ਸੀਨੀਅਰ ਸੈਕੰਡਰੀ ਸਕੂਲ ਧਨੀ ਪਿੰਡ ਵਿਖੇ ਸੇਵਾਮੁਕਤੀ ਮੌਕੇ ਸਨਮਾਨ ਸਮਾਰੋਹ ਕਰਵਾਇਆ ਜਾ ਰਿਹਾ ਹੈ।
ਇਸ਼ਤਿਹਾਰ ਅਤੇ ਕਲਾਸੀਫਾਈਡ ਕੇਵਲ ਅਦਾਰਾ 'ਪਹਿਰੇਦਾਰ' ਦੀ ਈ-ਮੇਲ	rozanapehredaradvt@gmail.com	'ਤੇ ਹੀ ਭੇਜੇ ਜਾਣ।
